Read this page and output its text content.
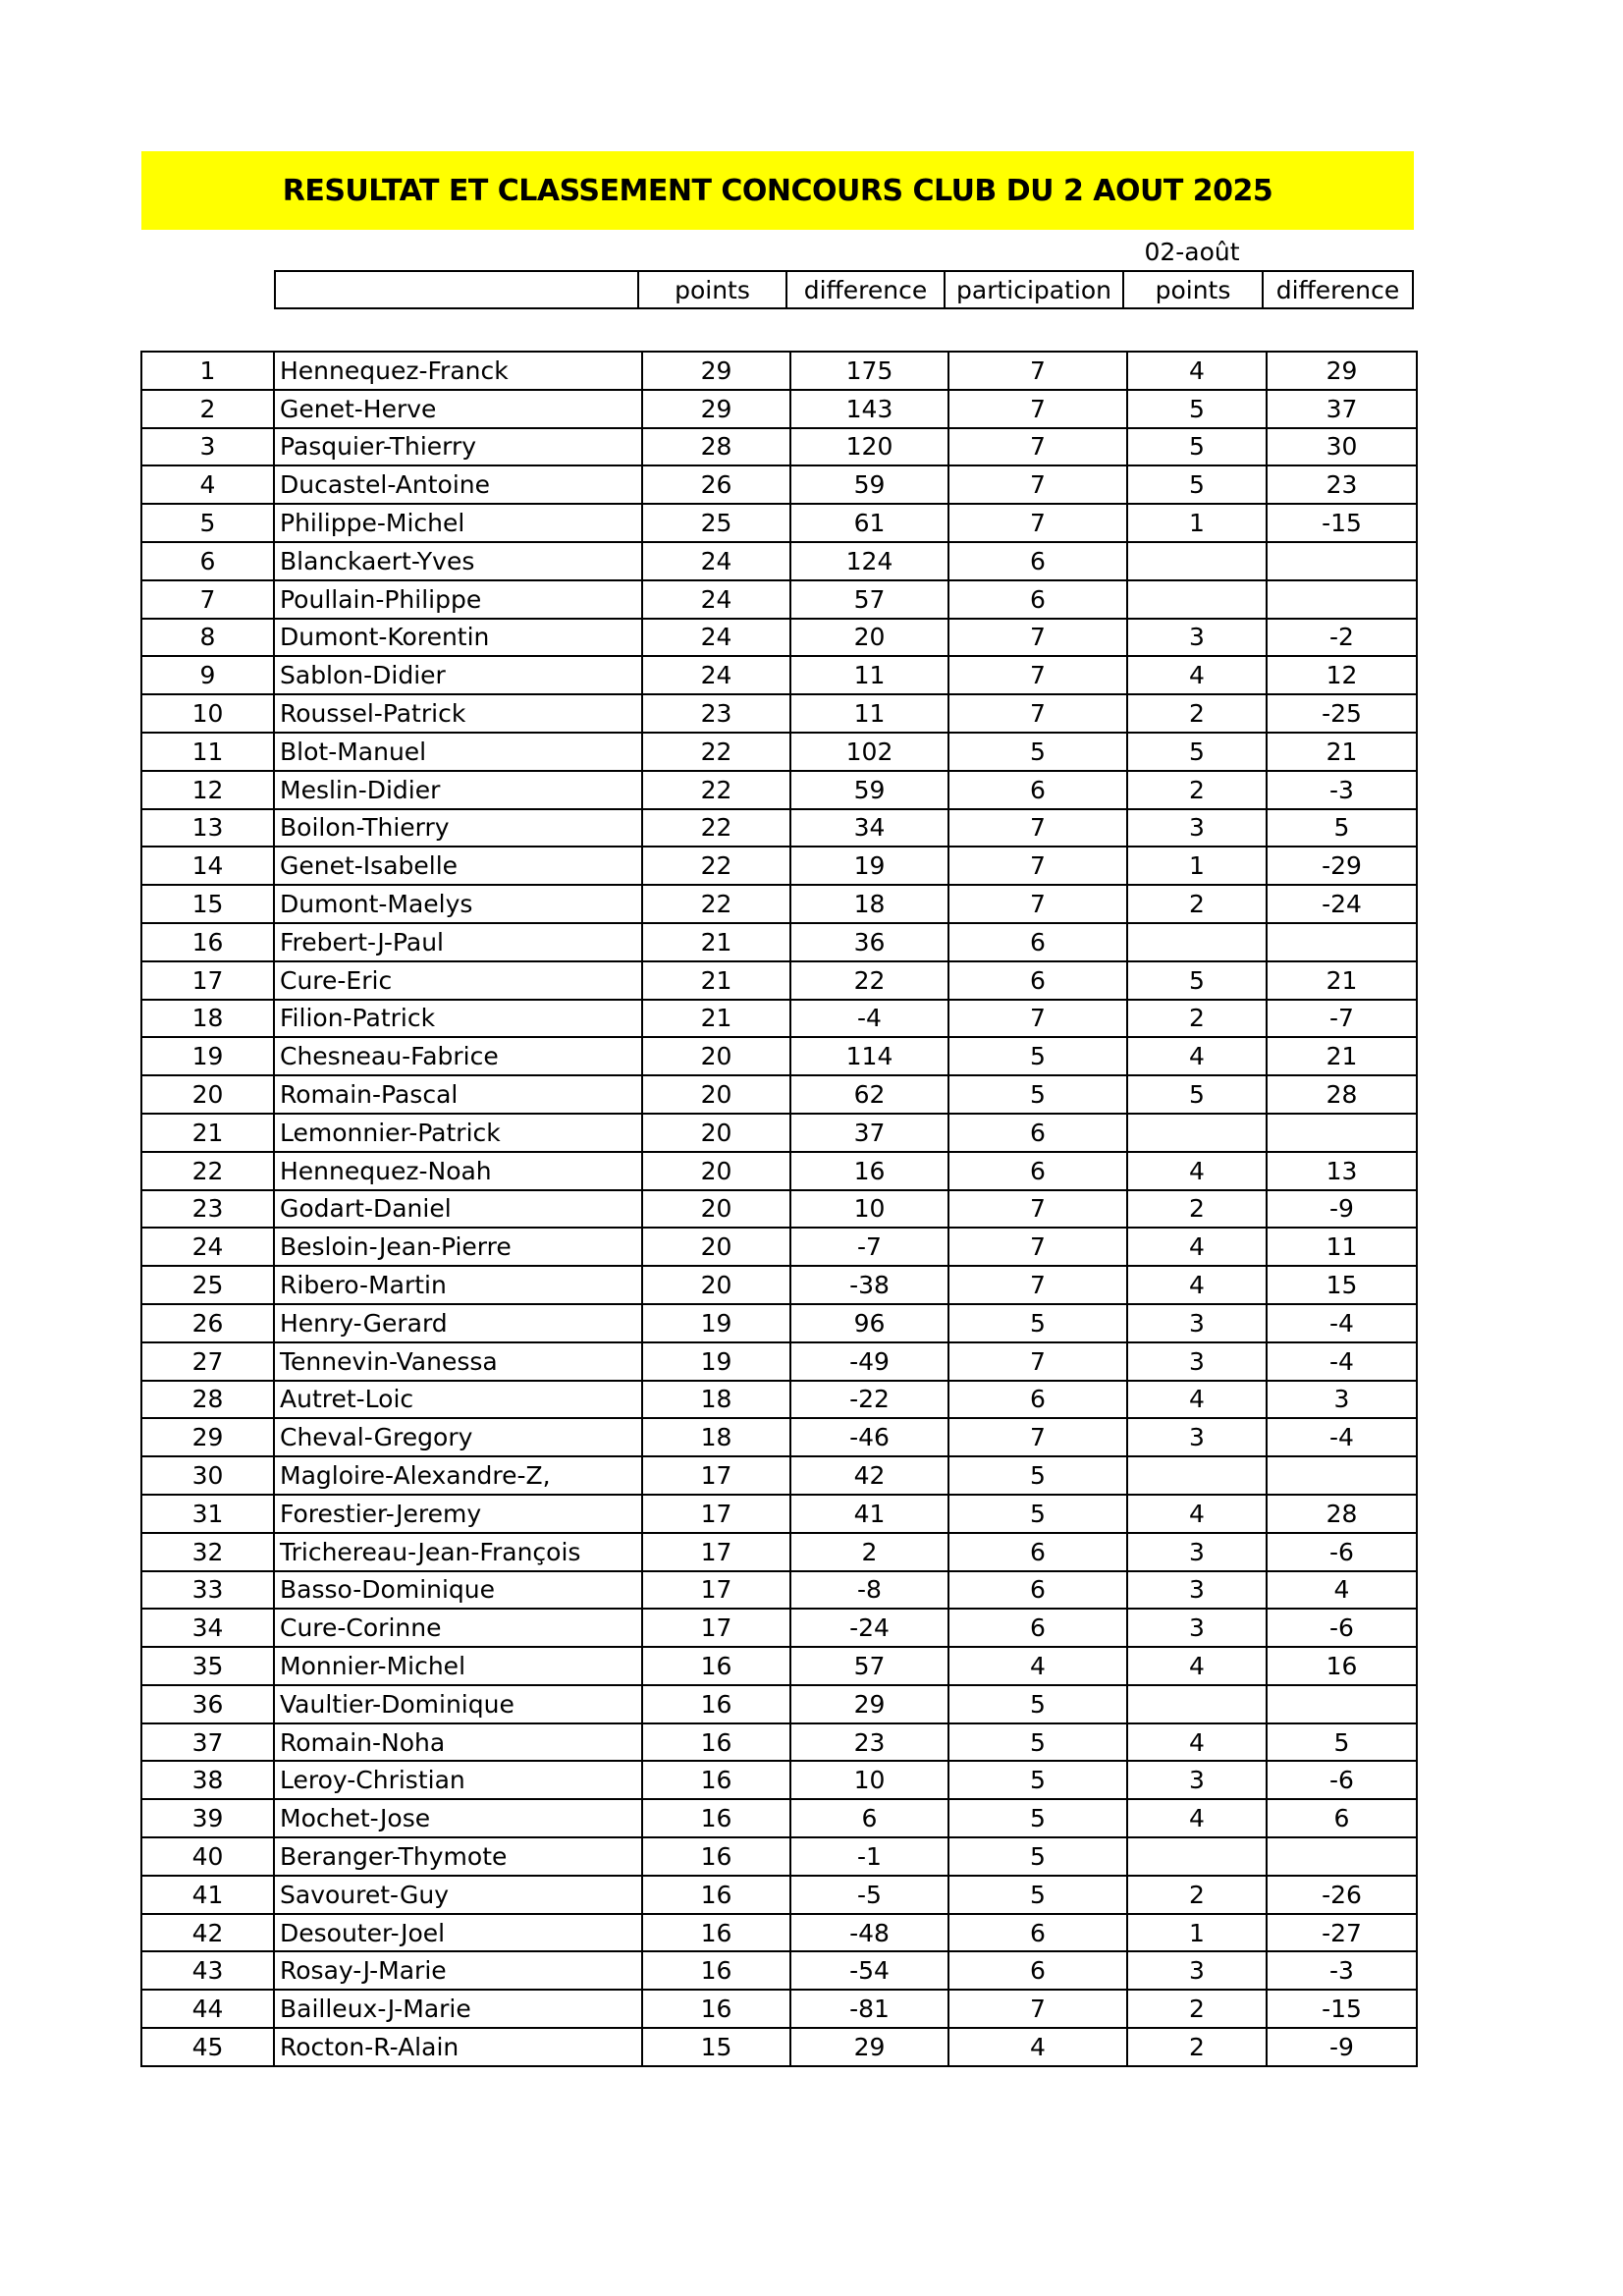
RESULTAT ET CLASSEMENT CONCOURS CLUB DU 2 AOUT 2025
02-août
	points	difference	participation	points	difference
1	Hennequez-Franck	29	175	7	4	29
2	Genet-Herve	29	143	7	5	37
3	Pasquier-Thierry	28	120	7	5	30
4	Ducastel-Antoine	26	59	7	5	23
5	Philippe-Michel	25	61	7	1	-15
6	Blanckaert-Yves	24	124	6		
7	Poullain-Philippe	24	57	6		
8	Dumont-Korentin	24	20	7	3	-2
9	Sablon-Didier	24	11	7	4	12
10	Roussel-Patrick	23	11	7	2	-25
11	Blot-Manuel	22	102	5	5	21
12	Meslin-Didier	22	59	6	2	-3
13	Boilon-Thierry	22	34	7	3	5
14	Genet-Isabelle	22	19	7	1	-29
15	Dumont-Maelys	22	18	7	2	-24
16	Frebert-J-Paul	21	36	6		
17	Cure-Eric	21	22	6	5	21
18	Filion-Patrick	21	-4	7	2	-7
19	Chesneau-Fabrice	20	114	5	4	21
20	Romain-Pascal	20	62	5	5	28
21	Lemonnier-Patrick	20	37	6		
22	Hennequez-Noah	20	16	6	4	13
23	Godart-Daniel	20	10	7	2	-9
24	Besloin-Jean-Pierre	20	-7	7	4	11
25	Ribero-Martin	20	-38	7	4	15
26	Henry-Gerard	19	96	5	3	-4
27	Tennevin-Vanessa	19	-49	7	3	-4
28	Autret-Loic	18	-22	6	4	3
29	Cheval-Gregory	18	-46	7	3	-4
30	Magloire-Alexandre-Z,	17	42	5		
31	Forestier-Jeremy	17	41	5	4	28
32	Trichereau-Jean-François	17	2	6	3	-6
33	Basso-Dominique	17	-8	6	3	4
34	Cure-Corinne	17	-24	6	3	-6
35	Monnier-Michel	16	57	4	4	16
36	Vaultier-Dominique	16	29	5		
37	Romain-Noha	16	23	5	4	5
38	Leroy-Christian	16	10	5	3	-6
39	Mochet-Jose	16	6	5	4	6
40	Beranger-Thymote	16	-1	5		
41	Savouret-Guy	16	-5	5	2	-26
42	Desouter-Joel	16	-48	6	1	-27
43	Rosay-J-Marie	16	-54	6	3	-3
44	Bailleux-J-Marie	16	-81	7	2	-15
45	Rocton-R-Alain	15	29	4	2	-9
